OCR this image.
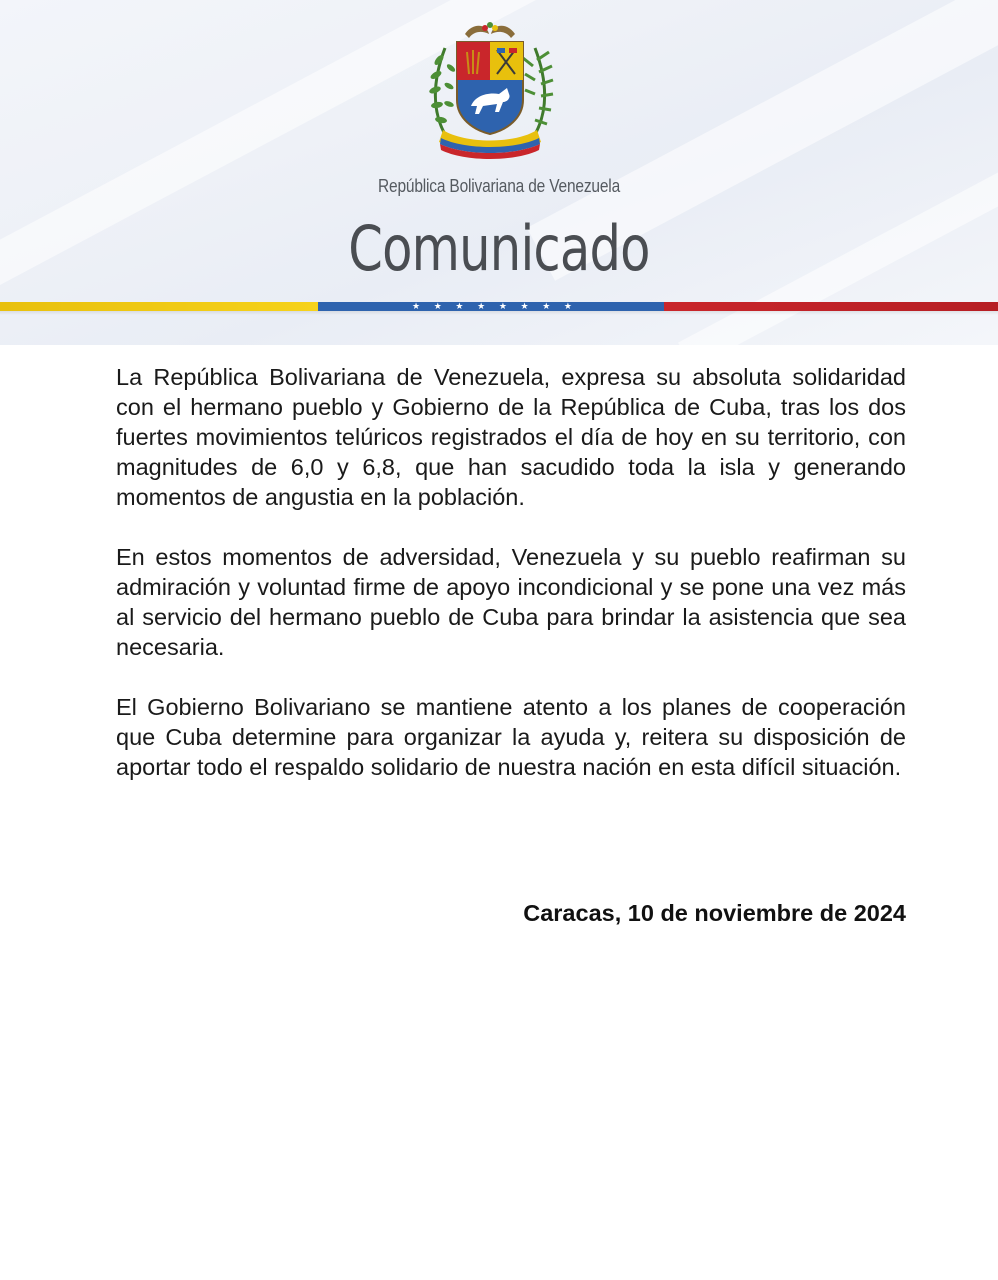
República Bolivariana de Venezuela
Comunicado
★ ★ ★ ★ ★ ★ ★ ★

La República Bolivariana de Venezuela, expresa su absoluta solidaridad con el hermano pueblo y Gobierno de la República de Cuba, tras los dos fuertes movimientos telúricos registrados el día de hoy en su territorio, con magnitudes de 6,0 y 6,8, que han sacudido toda la isla y generando momentos de angustia en la población.

En estos momentos de adversidad, Venezuela y su pueblo reafirman su admiración y voluntad firme de apoyo incondicional y se pone una vez más al servicio del hermano pueblo de Cuba para brindar la asistencia que sea necesaria.

El Gobierno Bolivariano se mantiene atento a los planes de cooperación que Cuba determine para organizar la ayuda y, reitera su disposición de aportar todo el respaldo solidario de nuestra nación en esta difícil situación.

Caracas, 10 de noviembre de 2024
